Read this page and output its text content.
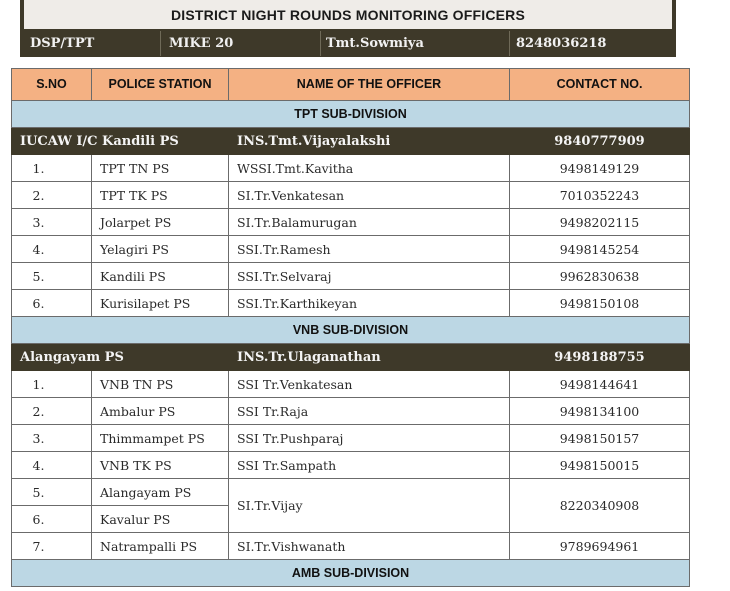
DISTRICT NIGHT ROUNDS MONITORING OFFICERS
DSP/TPT	MIKE 20	Tmt.Sowmiya	8248036218
S.NO	POLICE STATION	NAME OF THE OFFICER	CONTACT NO.
TPT SUB-DIVISION			
IUCAW I/C Kandili PS		INS.Tmt.Vijayalakshi	9840777909
1.	TPT TN PS	WSSI.Tmt.Kavitha	9498149129
2.	TPT TK PS	SI.Tr.Venkatesan	7010352243
3.	Jolarpet PS	SI.Tr.Balamurugan	9498202115
4.	Yelagiri PS	SSI.Tr.Ramesh	9498145254
5.	Kandili PS	SSI.Tr.Selvaraj	9962830638
6.	Kurisilapet PS	SSI.Tr.Karthikeyan	9498150108
VNB SUB-DIVISION			
Alangayam PS		INS.Tr.Ulaganathan	9498188755
1.	VNB TN PS	SSI Tr.Venkatesan	9498144641
2.	Ambalur PS	SSI Tr.Raja	9498134100
3.	Thimmampet PS	SSI Tr.Pushparaj	9498150157
4.	VNB TK PS	SSI Tr.Sampath	9498150015
5.	Alangayam PS	SI.Tr.Vijay	8220340908
6.	Kavalur PS		
7.	Natrampalli PS	SI.Tr.Vishwanath	9789694961
AMB SUB-DIVISION			
